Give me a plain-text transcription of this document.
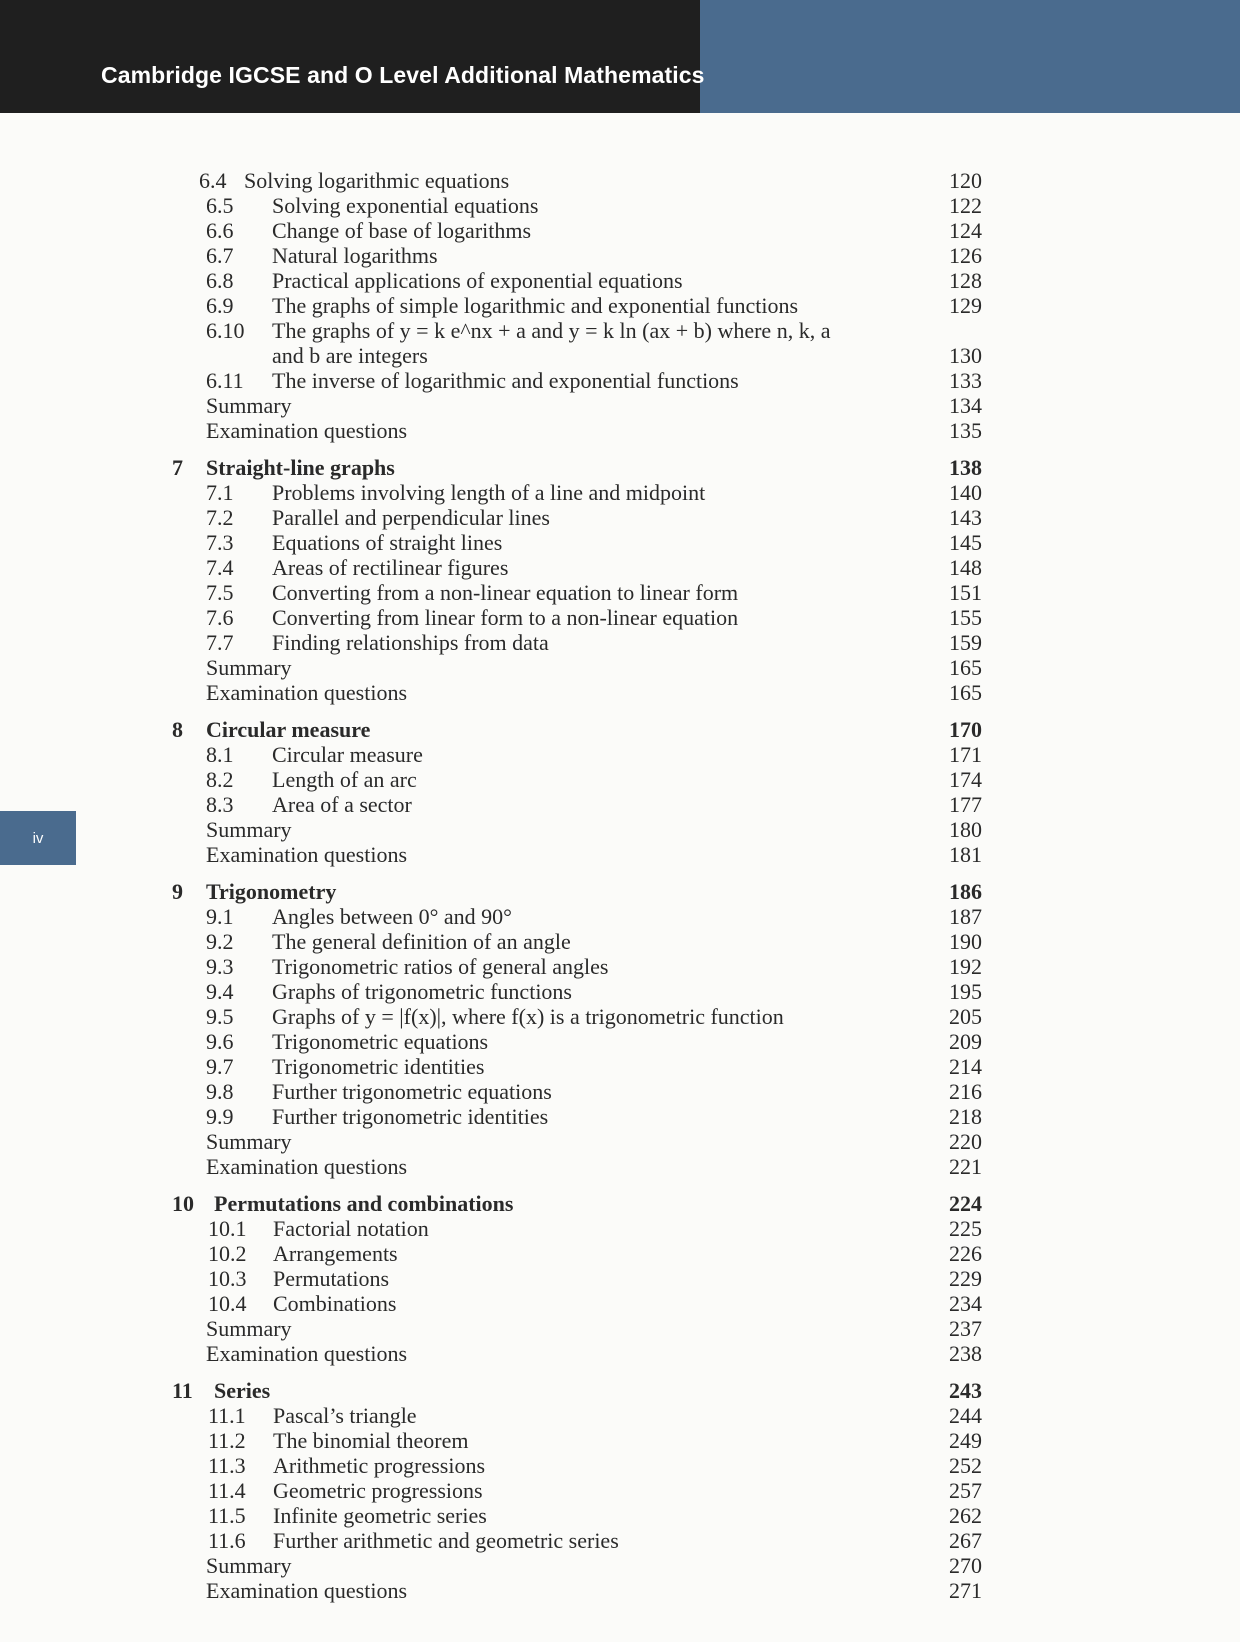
Cambridge IGCSE and O Level Additional Mathematics
iv
6.4 Solving logarithmic equations	120
6.5 Solving exponential equations	122
6.6 Change of base of logarithms	124
6.7 Natural logarithms	126
6.8 Practical applications of exponential equations	128
6.9 The graphs of simple logarithmic and exponential functions	129
6.10 The graphs of y = k e^nx + a and y = k ln (ax + b) where n, k, a
and b are integers	130
6.11 The inverse of logarithmic and exponential functions	133
Summary	134
Examination questions	135
7 Straight-line graphs	138
7.1 Problems involving length of a line and midpoint	140
7.2 Parallel and perpendicular lines	143
7.3 Equations of straight lines	145
7.4 Areas of rectilinear figures	148
7.5 Converting from a non-linear equation to linear form	151
7.6 Converting from linear form to a non-linear equation	155
7.7 Finding relationships from data	159
Summary	165
Examination questions	165
8 Circular measure	170
8.1 Circular measure	171
8.2 Length of an arc	174
8.3 Area of a sector	177
Summary	180
Examination questions	181
9 Trigonometry	186
9.1 Angles between 0° and 90°	187
9.2 The general definition of an angle	190
9.3 Trigonometric ratios of general angles	192
9.4 Graphs of trigonometric functions	195
9.5 Graphs of y = |f(x)|, where f(x) is a trigonometric function	205
9.6 Trigonometric equations	209
9.7 Trigonometric identities	214
9.8 Further trigonometric equations	216
9.9 Further trigonometric identities	218
Summary	220
Examination questions	221
10 Permutations and combinations	224
10.1 Factorial notation	225
10.2 Arrangements	226
10.3 Permutations	229
10.4 Combinations	234
Summary	237
Examination questions	238
11 Series	243
11.1 Pascal’s triangle	244
11.2 The binomial theorem	249
11.3 Arithmetic progressions	252
11.4 Geometric progressions	257
11.5 Infinite geometric series	262
11.6 Further arithmetic and geometric series	267
Summary	270
Examination questions	271
